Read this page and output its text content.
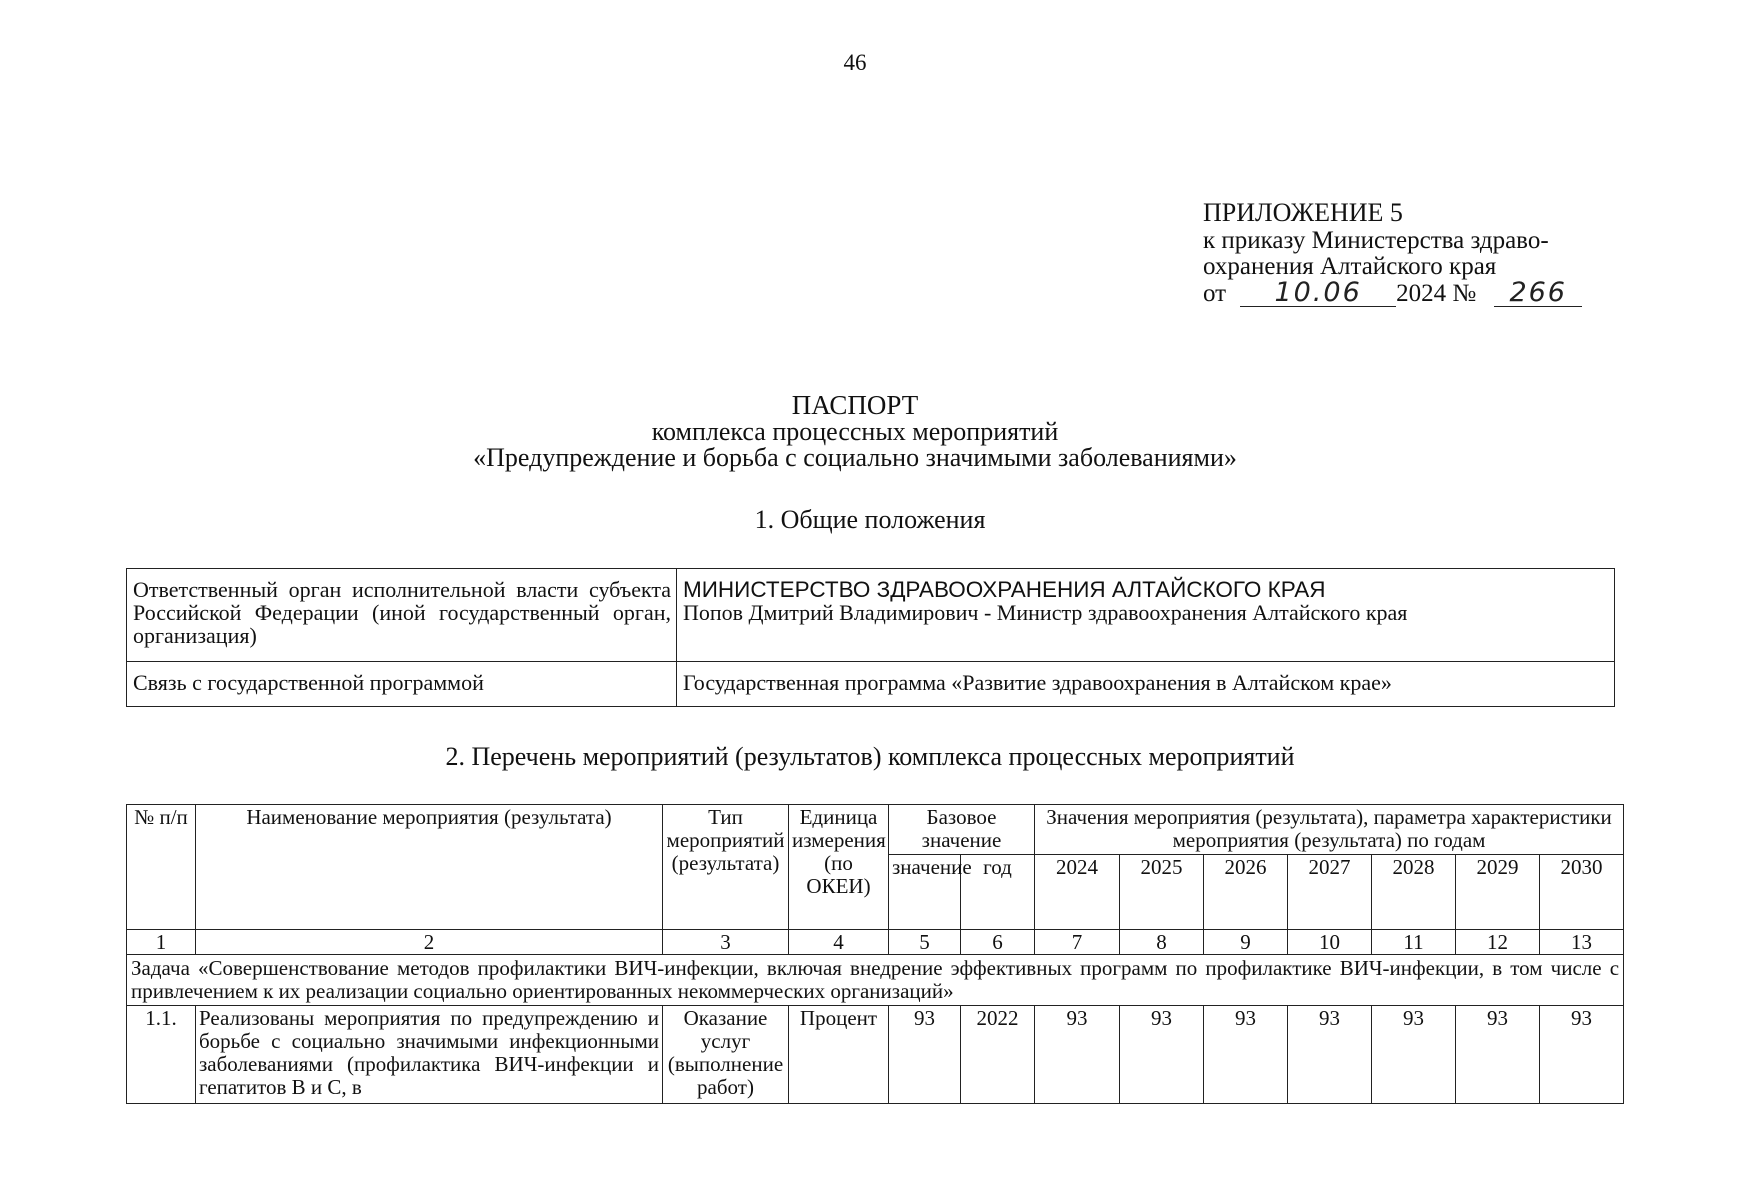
46
ПРИЛОЖЕНИЕ 5
к приказу Министерства здраво-
охранения Алтайского края
от	10.06	2024 №	266
ПАСПОРТ
комплекса процессных мероприятий
«Предупреждение и борьба с социально значимыми заболеваниями»
1. Общие положения
Ответственный орган исполнительной власти субъекта Российской Федерации (иной государственный орган, организация)	МИНИСТЕРСТВО ЗДРАВООХРАНЕНИЯ АЛТАЙСКОГО КРАЯ
Попов Дмитрий Владимирович - Министр здравоохранения Алтайского края

Связь с государственной программой	Государственная программа «Развитие здравоохранения в Алтайском крае»
2. Перечень мероприятий (результатов) комплекса процессных мероприятий
№ п/п	Наименование мероприятия (результата)	Тип мероприятий (результата)	Единица измерения (по ОКЕИ)	Базовое значение		Значения мероприятия (результата), параметра характеристики мероприятия (результата) по годам						
				значение	год	2024	2025	2026	2027	2028	2029	2030
1	2	3	4	5	6	7	8	9	10	11	12	13
Задача «Совершенствование методов профилактики ВИЧ-инфекции, включая внедрение эффективных программ по профилактике ВИЧ-инфекции, в том числе с привлечением к их реализации социально ориентированных некоммерческих организаций»												
1.1.	Реализованы мероприятия по предупреждению и борьбе с социально значимыми инфекционными заболеваниями (профилактика ВИЧ-инфекции и гепатитов В и С, в	Оказание услуг (выполнение работ)	Процент	93	2022	93	93	93	93	93	93	93
